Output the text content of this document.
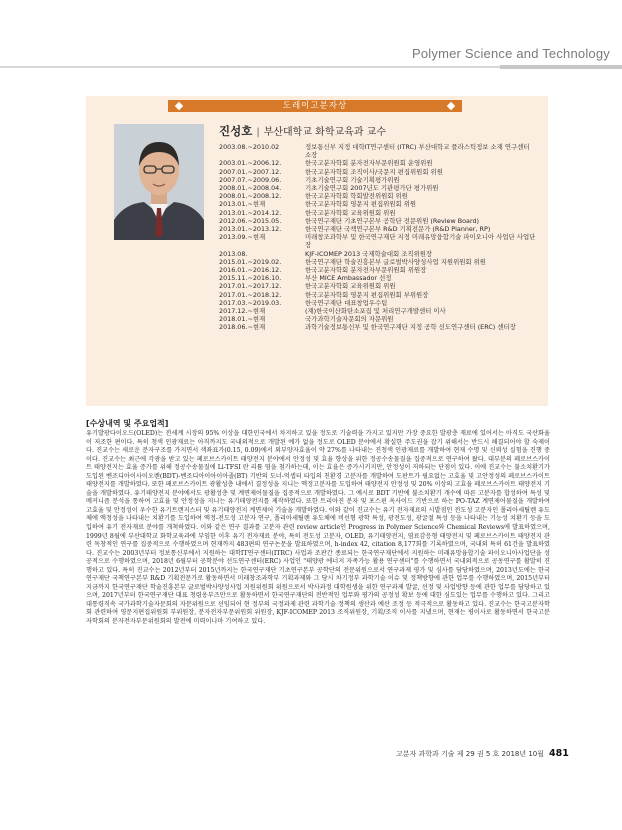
Polymer Science and Technology
도레이고분자상
진성호 | 부산대학교 화학교육과 교수
2003.08.~2010.02	정보통신부 지정 대학IT연구센터 (ITRC) 부산대학교 플라스틱정보 소재 연구센터 소장
2003.01.~2006.12.	한국고분자학회 분자전자부문위원회 운영위원
2007.01.~2007.12.	한국고분자학회 조직이사/국문지 편집위원회 위원
2007.07.~2009.06.	기초기술연구회 기술기획평가위원
2008.01.~2008.04.	기초기술연구회 2007년도 기관평가단 평가위원
2008.01.~2008.12.	한국고분자학회 학회발전위원회 위원
2013.01.~현재	한국고분자학회 영문지 편집위원회 위원
2013.01.~2014.12.	한국고분자학회 교육위원회 위원
2012.06.~2015.05.	한국연구재단 기초연구본부 공학단 전문위원 (Review Board)
2013.01.~2013.12.	한국연구재단 국책연구본부 R&D 기획전문가 (R&D Planner, RP)
2013.09.~현재	미래창조과학부 및 한국연구재단 지정 미래유망융합기술 파이오니아 사업단 사업단장
2013.08.	KJF-ICOMEP 2013 국제학술대회 조직위원장
2015.01.~2019.02.	한국연구재단 학술진흥본부 글로벌박사양성사업 지원위원회 위원
2016.01.~2016.12.	한국고분자학회 분자전자부문위원회 위원장
2015.11.~2016.10.	부산 MICE Ambassador 선정
2017.01.~2017.12.	한국고분자학회 교육위원회 위원
2017.01.~2018.12.	한국고분자학회 영문지 편집위원회 부위원장
2017.03.~2019.03.	한국연구재단 대표창업우수팀
2017.12.~현재	(재)한국이산화탄소포집 및 처리연구개발센터 이사
2018.01.~현재	국가과학기술자문회의 자문위원
2018.06.~현재	과학기술정보통신부 및 한국연구재단 지정 공학 선도연구센터 (ERC) 센터장
[수상내역 및 주요업적]
유기발광다이오드(OLED)는 전세계 시장의 95% 이상을 대한민국에서 차지하고 있을 정도로 기술력을 가지고 있지만 가장 중요한 발광층 재료에 있어서는 아직도 국산화율이 저조한 편이다. 특히 청색 인광재료는 아직까지도 국내외적으로 개발된 예가 없을 정도로 OLED 분야에서 확실한 주도권을 잡기 위해서는 반드시 해결되어야 할 숙제이다. 진교수는 새로운 분자구조를 가지면서 색좌표가(0.15, 0.09)에서 외부양자효율이 약 27%를 나타내는 진청색 인광재료를 개발하여 현재 수명 및 신뢰성 실험을 진행 중이다. 진교수는 최근에 각광을 받고 있는 페로브스카이트 태양전지 분야에서 안정성 및 효율 향상을 위한 정공수송물질을 집중적으로 연구하여 왔다. 대부분의 페로브스카이트 태양전지는 효율 증가를 위해 정공수송물질에 Li-TFSI 란 리튬 염을 첨가하는데, 이는 효율은 증가시키지만, 안정성이 저하되는 단점이 있다. 이에 진교수는 불소치환기가 도입된 벤조디아이사이오렌(BDT)-벤조디아이아이아졸(BT) 기반의 도너-억셉터 타입의 친환경 고분자를 개발하여 도판트가 필요없는 고효율 및 고안정성의 페로브스카이트 태양전지를 개발하였다. 또한 페로브스카이트 광활성층 내에서 결정성을 지니는 액정고분자를 도입하여 태양전지 안정성 및 20% 이상의 고효율 페로브스카이트 태양전지 기술을 개발하였다. 유기태양전지 분야에서도 광활성층 및 계면제어물질을 집중적으로 개발하였다. 그 예시로 BDT 기반에 불소치환기 개수에 따른 고분자를 합성하여 특성 및 메커니즘 분석을 통하여 고효율 및 안정성을 지니는 유기태양전지를 제작하였다. 또한 트리아진 분자 및 포스핀 옥사이드 기반으로 하는 PO-TAZ 계면제어물질을 개발하여 고효율 및 안정성이 우수한 유기트랜지스터 및 유기태양전지 계면제어 기술을 개발하였다. 이와 같이 진교수는 유기 전자재료의 시발점인 전도성 고분자인 폴리아세틸렌 유도체에 액정성을 나타내는 치환기를 도입하여 액정-전도성 고분자 연구, 폴리아세틸렌 유도체에 비선형 광학 특성, 광전도성, 광굴절 특성 등을 나타내는 기능성 치환기 등을 도입하여 유기 전자재료 분야를 개척하였다. 이와 같은 연구 결과를 고분자 관련 review article인 Progress in Polymer Science와 Chemical Reviews에 발표하였으며, 1999년 8월에 부산대학교 화학교육과에 부임한 이후 유기 전자재료 분야, 특히 전도성 고분자, OLED, 유기태양전지, 염료감응형 태양전지 및 페로브스카이트 태양전지 관련 독창적인 연구를 집중적으로 수행하였으며 현재까지 483편의 연구논문을 발표하였으며, h-index 42, citation 8,177회를 기록하였으며, 국내외 특허 61건을 발표하였다. 진교수는 2003년부터 정보통신부에서 지원하는 대학IT연구센터(ITRC) 사업과 조판간 종료되는 한국연구재단에서 지원하는 미래유망융합기술 파이오니아사업단을 성공적으로 수행하였으며, 2018년 6월부터 공학분야 선도연구센터(ERC) 사업인 "태양광 에너지 자족가능 활용 연구센터"를 수행하면서 국내외적으로 공동연구를 활발히 진행하고 있다. 특히 진교수는 2012년부터 2015년까지는 한국연구재단 기초연구본부 공학단의 전문위원으로서 연구과제 평가 및 심사를 담당하였으며, 2013년도에는 한국연구재단 국책연구본부 R&D 기획전문가로 활동하면서 미래창조과학부 기획과제와 그 당시 차기정부 과학기술 이슈 및 정책방향에 관한 업무를 수행하였으며, 2015년부터 지금까지 한국연구재단 학술진흥본부 글로벌박사양성사업 지원위원회 위원으로서 박사과정 대학원생을 위한 연구과제 발굴, 선정 및 사업방향 등에 관한 업무를 담당하고 있으며, 2017년부터 한국연구재단 대표 청렴옹부즈만으로 활동하면서 한국연구재단의 전반적인 업무와 평가의 공정성 확보 등에 대한 심도있는 업무를 수행하고 있다. 그리고 대통령직속 국가과학기술자문회의 자문위원으로 선임되어 현 정부의 국정과제 관련 과학기술 정책의 생산과 예산 조정 등 적극적으로 활동하고 있다. 진교수는 한국고분자학회 관련하여 영문지편집위원회 부위원장, 분자전자부문위원회 위원장, KJF-ICOMEP 2013 조직위원장, 기획/조직 이사를 지냈으며, 현재는 평이사로 활동하면서 한국고분자학회의 분자전자부문위원회의 발전에 미력이나마 기여하고 있다.
고분자 과학과 기술 제 29 권 5 호 2018년 10월 481
